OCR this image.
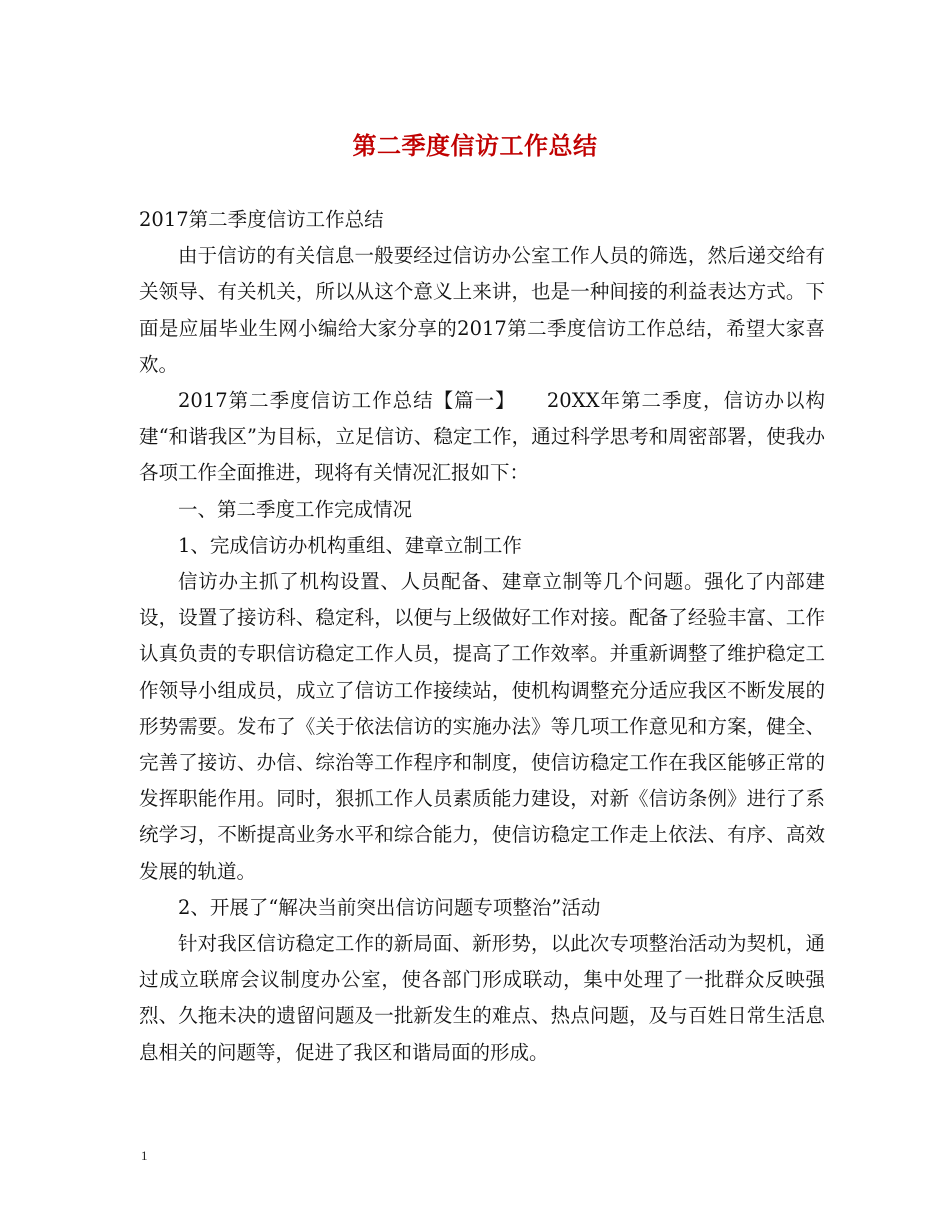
第二季度信访工作总结

2017第二季度信访工作总结

由于信访的有关信息一般要经过信访办公室工作人员的筛选，然后递交给有关领导、有关机关，所以从这个意义上来讲，也是一种间接的利益表达方式。下面是应届毕业生网小编给大家分享的2017第二季度信访工作总结，希望大家喜欢。

2017第二季度信访工作总结【篇一】　　20XX年第二季度，信访办以构建“和谐我区”为目标，立足信访、稳定工作，通过科学思考和周密部署，使我办各项工作全面推进，现将有关情况汇报如下：

一、第二季度工作完成情况

1、完成信访办机构重组、建章立制工作

信访办主抓了机构设置、人员配备、建章立制等几个问题。强化了内部建设，设置了接访科、稳定科，以便与上级做好工作对接。配备了经验丰富、工作认真负责的专职信访稳定工作人员，提高了工作效率。并重新调整了维护稳定工作领导小组成员，成立了信访工作接续站，使机构调整充分适应我区不断发展的形势需要。发布了《关于依法信访的实施办法》等几项工作意见和方案，健全、完善了接访、办信、综治等工作程序和制度，使信访稳定工作在我区能够正常的发挥职能作用。同时，狠抓工作人员素质能力建设，对新《信访条例》进行了系统学习，不断提高业务水平和综合能力，使信访稳定工作走上依法、有序、高效发展的轨道。

2、开展了“解决当前突出信访问题专项整治”活动

针对我区信访稳定工作的新局面、新形势，以此次专项整治活动为契机，通过成立联席会议制度办公室，使各部门形成联动，集中处理了一批群众反映强烈、久拖未决的遗留问题及一批新发生的难点、热点问题，及与百姓日常生活息息相关的问题等，促进了我区和谐局面的形成。

1
